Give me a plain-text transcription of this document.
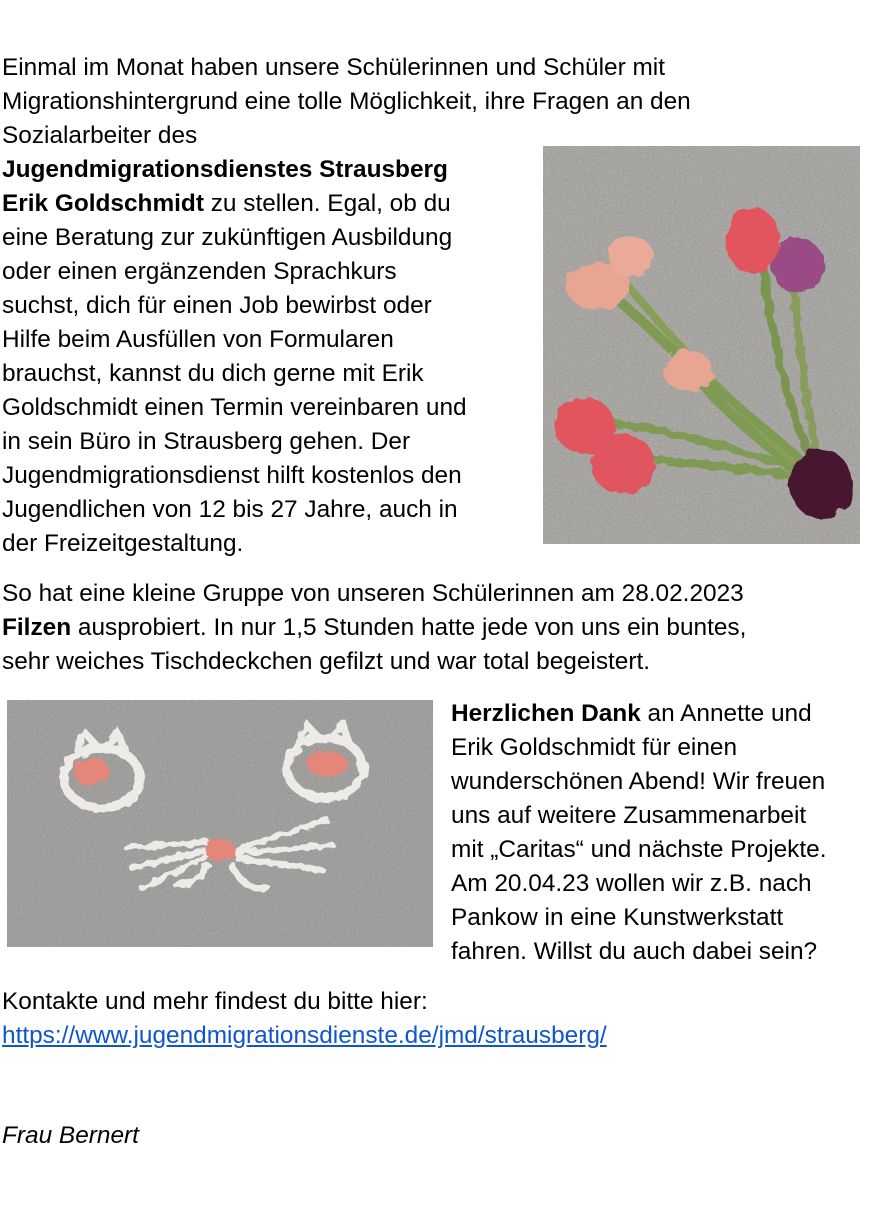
Einmal im Monat haben unsere Schülerinnen und Schüler mit
Migrationshintergrund eine tolle Möglichkeit, ihre Fragen an den
Sozialarbeiter des
Jugendmigrationsdienstes Strausberg
Erik Goldschmidt zu stellen. Egal, ob du
eine Beratung zur zukünftigen Ausbildung
oder einen ergänzenden Sprachkurs
suchst, dich für einen Job bewirbst oder
Hilfe beim Ausfüllen von Formularen
brauchst, kannst du dich gerne mit Erik
Goldschmidt einen Termin vereinbaren und
in sein Büro in Strausberg gehen. Der
Jugendmigrationsdienst hilft kostenlos den
Jugendlichen von 12 bis 27 Jahre, auch in
der Freizeitgestaltung.
So hat eine kleine Gruppe von unseren Schülerinnen am 28.02.2023
Filzen ausprobiert. In nur 1,5 Stunden hatte jede von uns ein buntes,
sehr weiches Tischdeckchen gefilzt und war total begeistert.
Herzlichen Dank an Annette und
Erik Goldschmidt für einen
wunderschönen Abend! Wir freuen
uns auf weitere Zusammenarbeit
mit „Caritas“ und nächste Projekte.
Am 20.04.23 wollen wir z.B. nach
Pankow in eine Kunstwerkstatt
fahren. Willst du auch dabei sein?
Kontakte und mehr findest du bitte hier:
https://www.jugendmigrationsdienste.de/jmd/strausberg/
Frau Bernert
